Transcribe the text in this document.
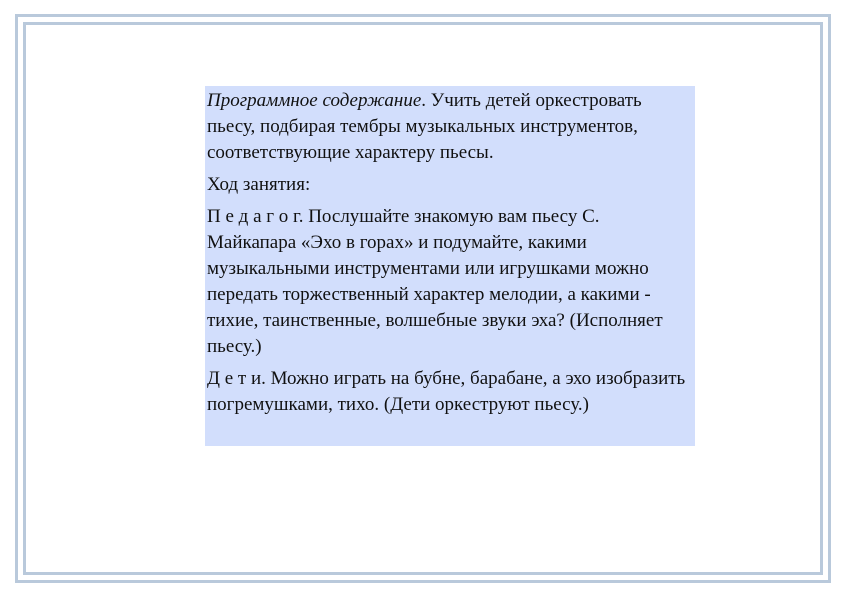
Программное содержание. Учить детей оркестровать пьесу, подбирая тембры музыкальных инструментов, соответствующие характеру пьесы.

Ход занятия:

П е д а г о г. Послушайте знакомую вам пьесу С. Майкапара «Эхо в горах» и подумайте, какими музыкальными инструментами или игрушками можно передать торжественный характер мелодии, а какими - тихие, таинственные, волшебные звуки эха? (Исполняет пьесу.)

Д е т и. Можно играть на бубне, барабане, а эхо изобразить погремушками, тихо. (Дети оркеструют пьесу.)
